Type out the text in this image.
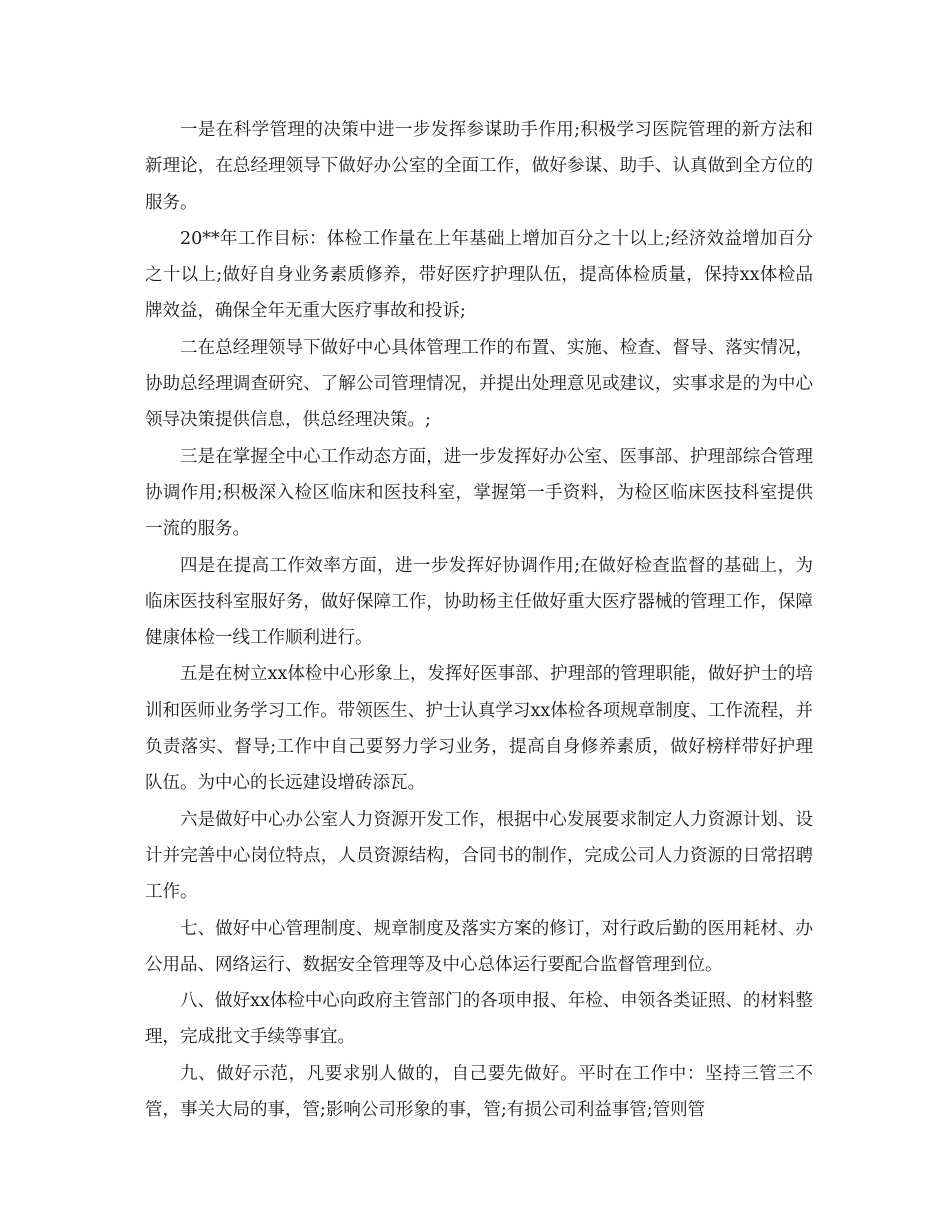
一是在科学管理的决策中进一步发挥参谋助手作用;积极学习医院管理的新方法和新理论，在总经理领导下做好办公室的全面工作，做好参谋、助手、认真做到全方位的服务。

20**年工作目标：体检工作量在上年基础上增加百分之十以上;经济效益增加百分之十以上;做好自身业务素质修养，带好医疗护理队伍，提高体检质量，保持xx体检品牌效益，确保全年无重大医疗事故和投诉;

二在总经理领导下做好中心具体管理工作的布置、实施、检查、督导、落实情况，协助总经理调查研究、了解公司管理情况，并提出处理意见或建议，实事求是的为中心领导决策提供信息，供总经理决策。;

三是在掌握全中心工作动态方面，进一步发挥好办公室、医事部、护理部综合管理协调作用;积极深入检区临床和医技科室，掌握第一手资料，为检区临床医技科室提供一流的服务。

四是在提高工作效率方面，进一步发挥好协调作用;在做好检查监督的基础上，为临床医技科室服好务，做好保障工作，协助杨主任做好重大医疗器械的管理工作，保障健康体检一线工作顺利进行。

五是在树立xx体检中心形象上，发挥好医事部、护理部的管理职能，做好护士的培训和医师业务学习工作。带领医生、护士认真学习xx体检各项规章制度、工作流程，并负责落实、督导;工作中自己要努力学习业务，提高自身修养素质，做好榜样带好护理队伍。为中心的长远建设增砖添瓦。

六是做好中心办公室人力资源开发工作，根据中心发展要求制定人力资源计划、设计并完善中心岗位特点，人员资源结构，合同书的制作，完成公司人力资源的日常招聘工作。

七、做好中心管理制度、规章制度及落实方案的修订，对行政后勤的医用耗材、办公用品、网络运行、数据安全管理等及中心总体运行要配合监督管理到位。

八、做好xx体检中心向政府主管部门的各项申报、年检、申领各类证照、的材料整理，完成批文手续等事宜。

九、做好示范，凡要求别人做的，自己要先做好。平时在工作中：坚持三管三不管，事关大局的事，管;影响公司形象的事，管;有损公司利益事管;管则管
